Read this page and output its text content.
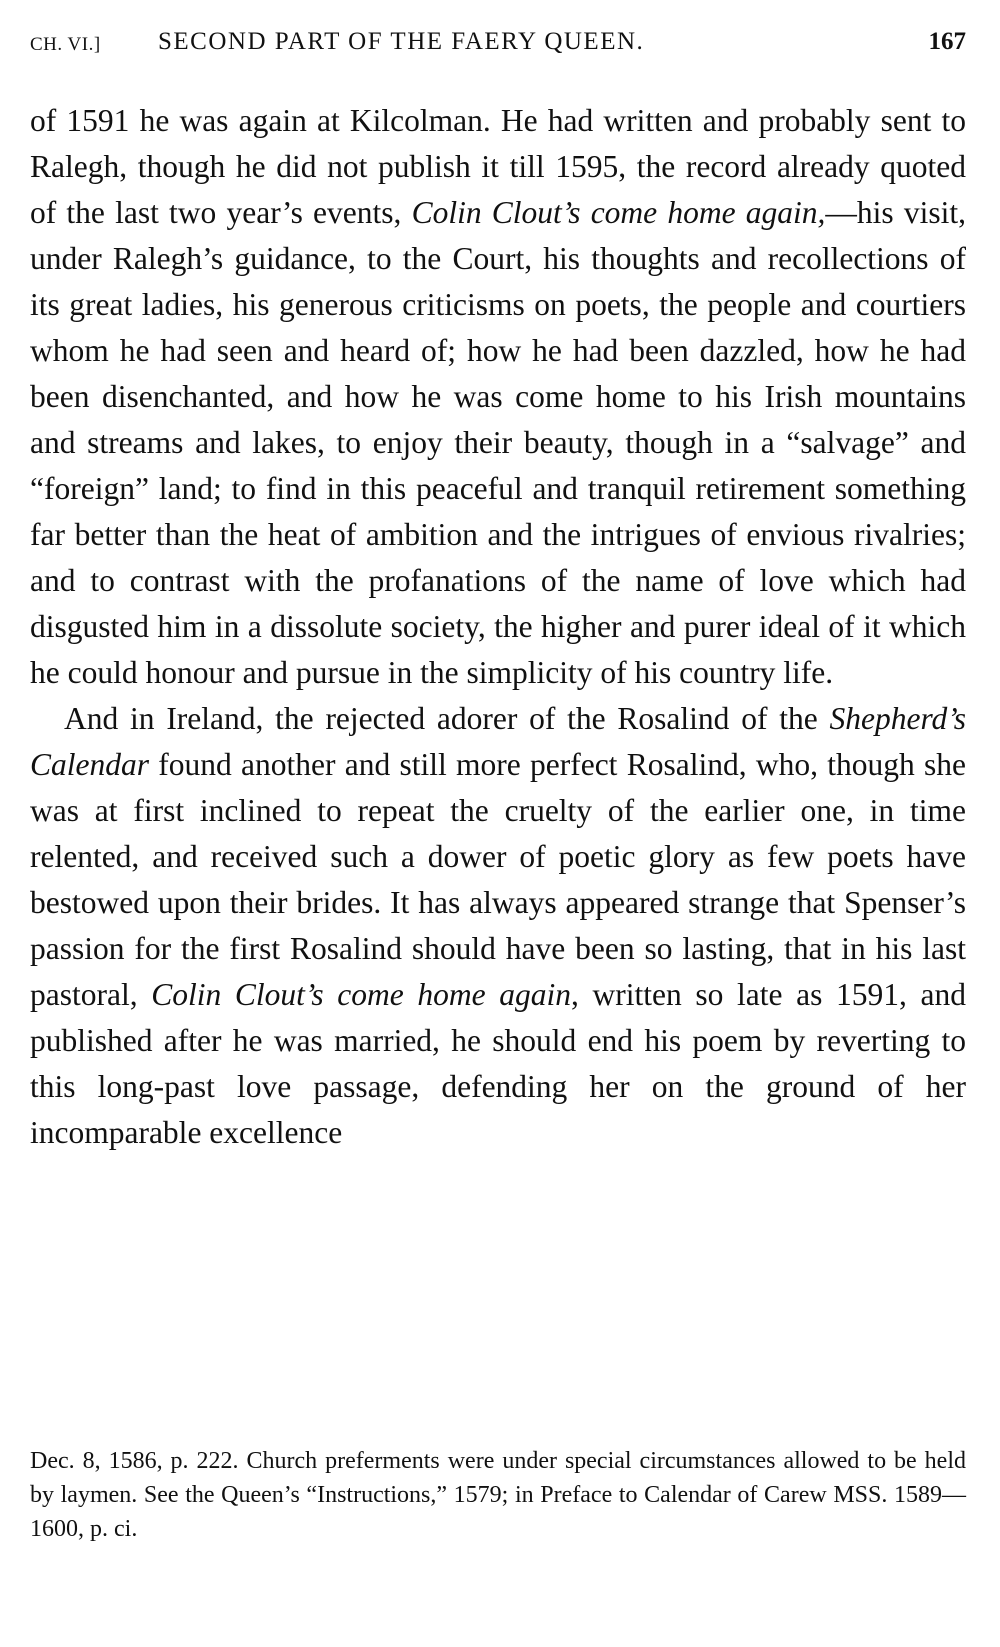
CH. VI.] SECOND PART OF THE FAERY QUEEN.	167

of 1591 he was again at Kilcolman. He had written and probably sent to Ralegh, though he did not publish it till 1595, the record already quoted of the last two year’s events, Colin Clout’s come home again,—his visit, under Ralegh’s guidance, to the Court, his thoughts and recollections of its great ladies, his generous criticisms on poets, the people and courtiers whom he had seen and heard of; how he had been dazzled, how he had been disenchanted, and how he was come home to his Irish mountains and streams and lakes, to enjoy their beauty, though in a “salvage” and “foreign” land; to find in this peaceful and tranquil retirement something far better than the heat of ambition and the intrigues of envious rivalries; and to contrast with the profanations of the name of love which had disgusted him in a dissolute society, the higher and purer ideal of it which he could honour and pursue in the simplicity of his country life.

And in Ireland, the rejected adorer of the Rosalind of the Shepherd’s Calendar found another and still more perfect Rosalind, who, though she was at first inclined to repeat the cruelty of the earlier one, in time relented, and received such a dower of poetic glory as few poets have bestowed upon their brides. It has always appeared strange that Spenser’s passion for the first Rosalind should have been so lasting, that in his last pastoral, Colin Clout’s come home again, written so late as 1591, and published after he was married, he should end his poem by reverting to this long-past love passage, defending her on the ground of her incomparable excellence

Dec. 8, 1586, p. 222. Church preferments were under special circumstances allowed to be held by laymen. See the Queen’s “Instructions,” 1579; in Preface to Calendar of Carew MSS. 1589—1600, p. ci.
